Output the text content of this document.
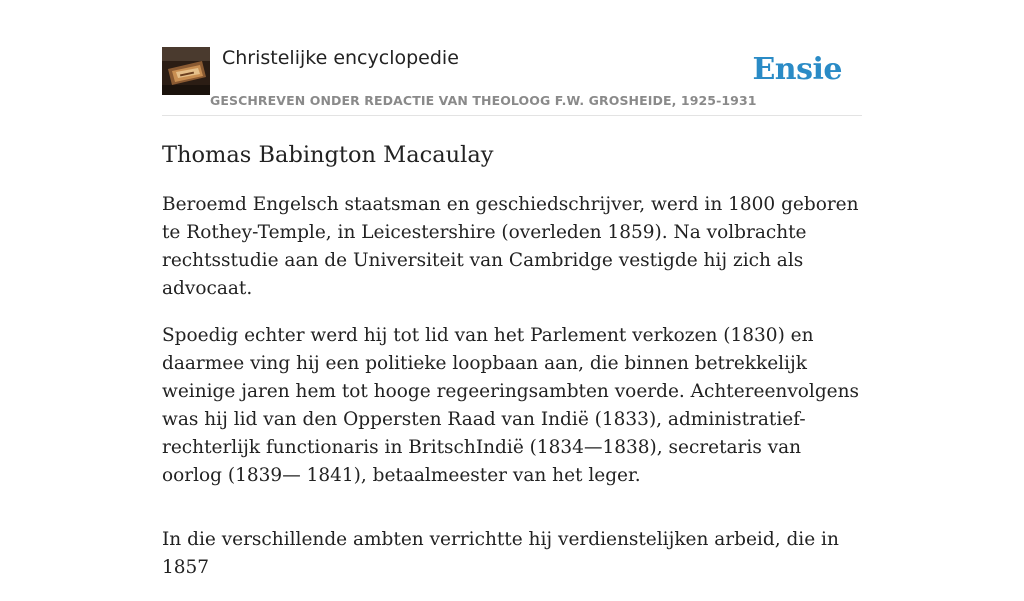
Christelijke encyclopedie
GESCHREVEN ONDER REDACTIE VAN THEOLOOG F.W. GROSHEIDE, 1925-1931
Ensie
Thomas Babington Macaulay

Beroemd Engelsch staatsman en geschiedschrijver, werd in 1800 geboren te Rothey-Temple, in Leicestershire (overleden 1859). Na volbrachte rechtsstudie aan de Universiteit van Cambridge vestigde hij zich als advocaat.

Spoedig echter werd hij tot lid van het Parlement verkozen (1830) en daarmee ving hij een politieke loopbaan aan, die binnen betrekkelijk weinige jaren hem tot hooge regeeringsambten voerde. Achtereenvolgens was hij lid van den Oppersten Raad van Indië (1833), administratief-rechterlijk functionaris in BritschIndië (1834—1838), secretaris van oorlog (1839— 1841), betaalmeester van het leger.

In die verschillende ambten verrichtte hij verdienstelijken arbeid, die in 1857
